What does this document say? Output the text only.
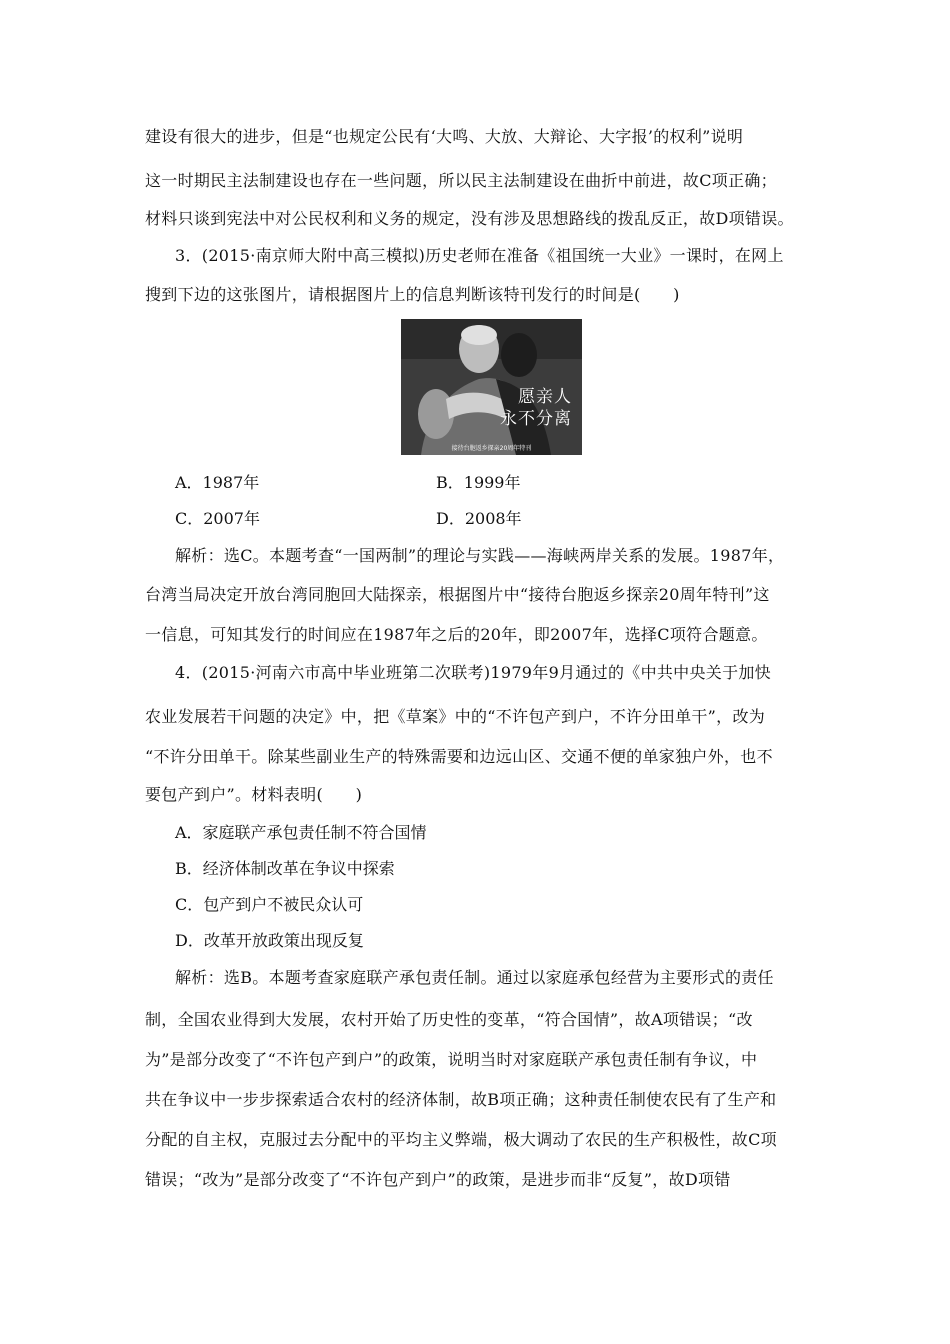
建设有很大的进步，但是“也规定公民有‘大鸣、大放、大辩论、大字报’的权利”说明
这一时期民主法制建设也存在一些问题，所以民主法制建设在曲折中前进，故C项正确；
材料只谈到宪法中对公民权利和义务的规定，没有涉及思想路线的拨乱反正，故D项错误。
3．(2015·南京师大附中高三模拟)历史老师在准备《祖国统一大业》一课时，在网上
搜到下边的这张图片，请根据图片上的信息判断该特刊发行的时间是(　　)
愿亲人
永不分离
接待台胞返乡探亲20周年特刊
A．1987年	B．1999年
C．2007年	D．2008年
解析：选C。本题考查“一国两制”的理论与实践——海峡两岸关系的发展。1987年，
台湾当局决定开放台湾同胞回大陆探亲，根据图片中“接待台胞返乡探亲20周年特刊”这
一信息，可知其发行的时间应在1987年之后的20年，即2007年，选择C项符合题意。
4．(2015·河南六市高中毕业班第二次联考)1979年9月通过的《中共中央关于加快
农业发展若干问题的决定》中，把《草案》中的“不许包产到户，不许分田单干”，改为
“不许分田单干。除某些副业生产的特殊需要和边远山区、交通不便的单家独户外，也不
要包产到户”。材料表明(　　)
A．家庭联产承包责任制不符合国情
B．经济体制改革在争议中探索
C．包产到户不被民众认可
D．改革开放政策出现反复
解析：选B。本题考查家庭联产承包责任制。通过以家庭承包经营为主要形式的责任
制，全国农业得到大发展，农村开始了历史性的变革，“符合国情”，故A项错误；“改
为”是部分改变了“不许包产到户”的政策，说明当时对家庭联产承包责任制有争议，中
共在争议中一步步探索适合农村的经济体制，故B项正确；这种责任制使农民有了生产和
分配的自主权，克服过去分配中的平均主义弊端，极大调动了农民的生产积极性，故C项
错误；“改为”是部分改变了“不许包产到户”的政策，是进步而非“反复”，故D项错
